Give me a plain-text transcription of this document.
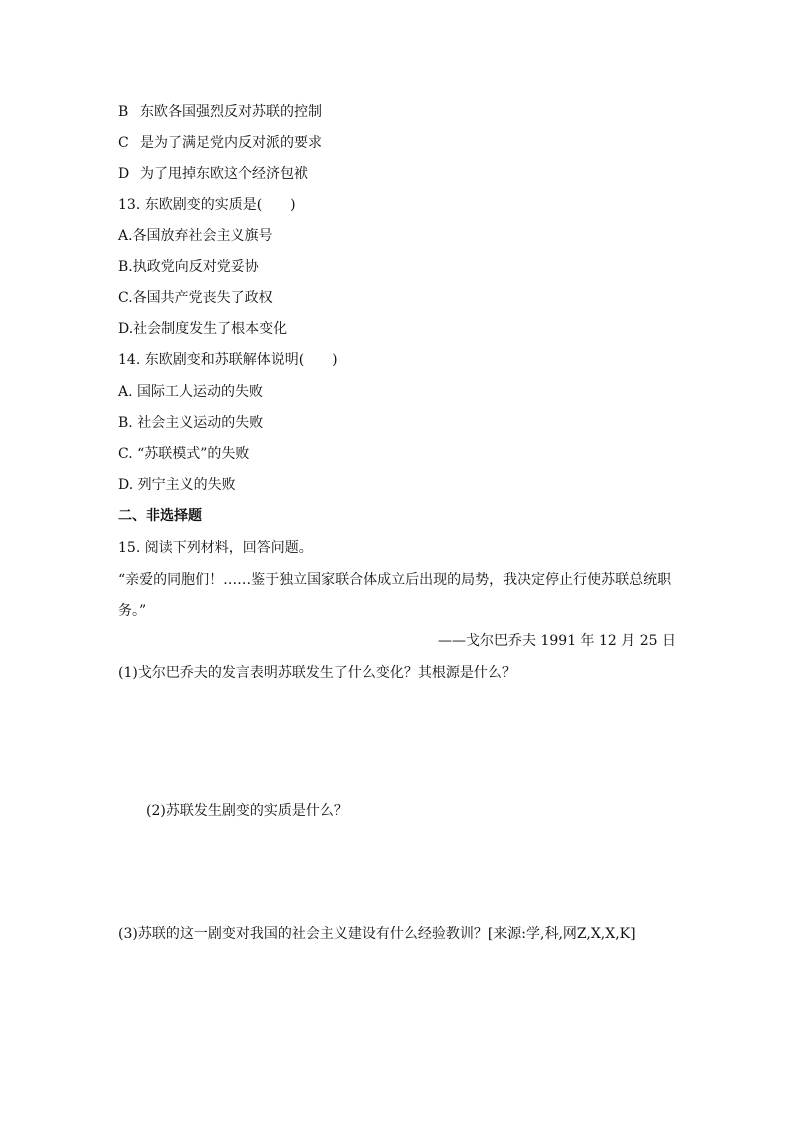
B 东欧各国强烈反对苏联的控制
C 是为了满足党内反对派的要求
D 为了甩掉东欧这个经济包袱
13. 东欧剧变的实质是(　　)
A.各国放弃社会主义旗号
B.执政党向反对党妥协
C.各国共产党丧失了政权
D.社会制度发生了根本变化
14. 东欧剧变和苏联解体说明(　　)
A. 国际工人运动的失败
B. 社会主义运动的失败
C. “苏联模式”的失败
D. 列宁主义的失败
二、非选择题
15. 阅读下列材料，回答问题。
“亲爱的同胞们！……鉴于独立国家联合体成立后出现的局势，我决定停止行使苏联总统职务。”
——戈尔巴乔夫 1991 年 12 月 25 日
(1)戈尔巴乔夫的发言表明苏联发生了什么变化？其根源是什么？
(2)苏联发生剧变的实质是什么？
(3)苏联的这一剧变对我国的社会主义建设有什么经验教训？[来源:学,科,网Z,X,X,K]
